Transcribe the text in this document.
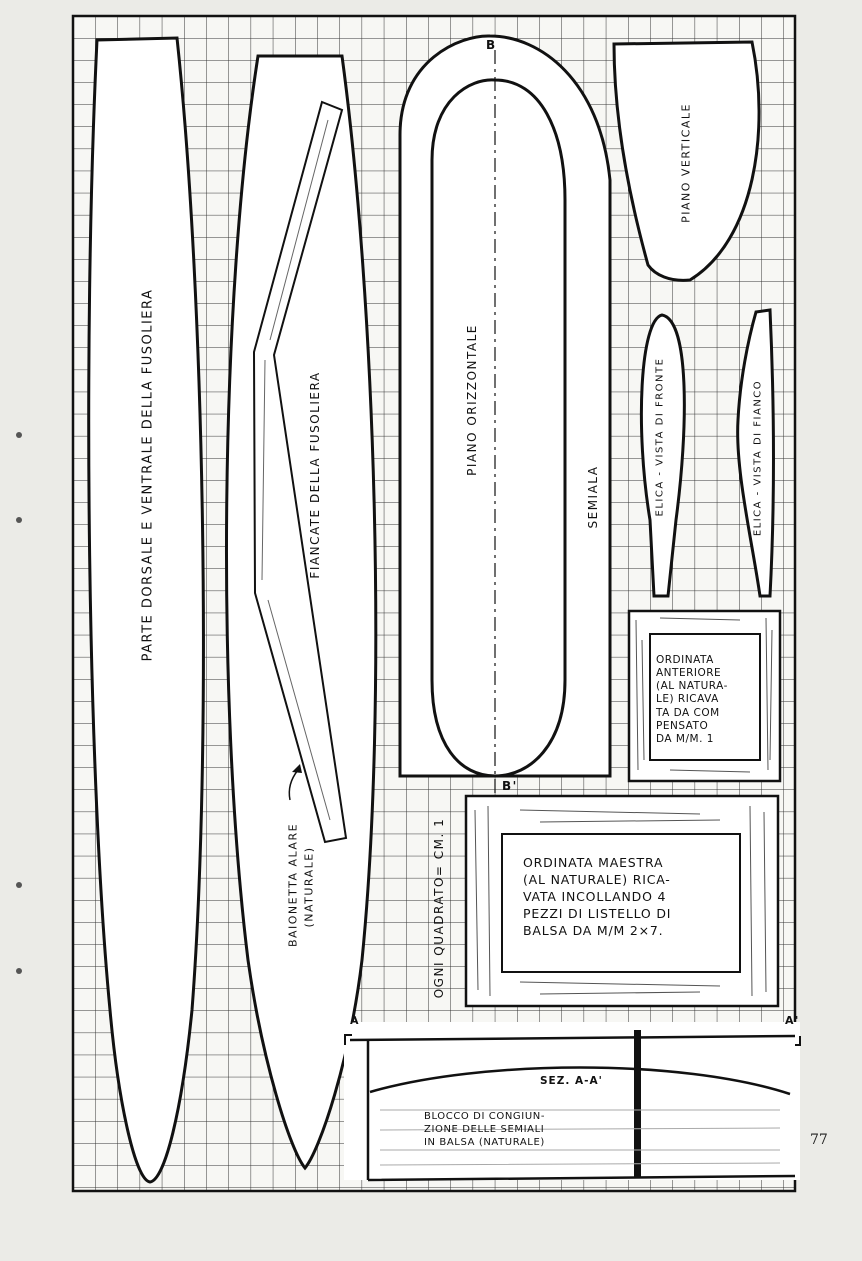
PARTE DORSALE E VENTRALE DELLA FUSOLIERA	FIANCATE DELLA FUSOLIERA
BAIONETTA ALARE (NATURALE)
PIANO ORIZZONTALE
SEMIALA
PIANO VERTICALE
ELICA - VISTA DI FRONTE	ELICA - VISTA DI FIANCO
OGNI QUADRATO= CM. 1
B
B'
A	A'
ORDINATA
ANTERIORE
(AL NATURA-
LE) RICAVA
TA DA COM
PENSATO
DA M/M. 1
ORDINATA MAESTRA
(AL NATURALE) RICA-
VATA INCOLLANDO 4
PEZZI DI LISTELLO DI
BALSA DA M/M 2×7.
SEZ. A-A'
BLOCCO DI CONGIUN-
ZIONE DELLE SEMIALI
IN BALSA (NATURALE)	77
